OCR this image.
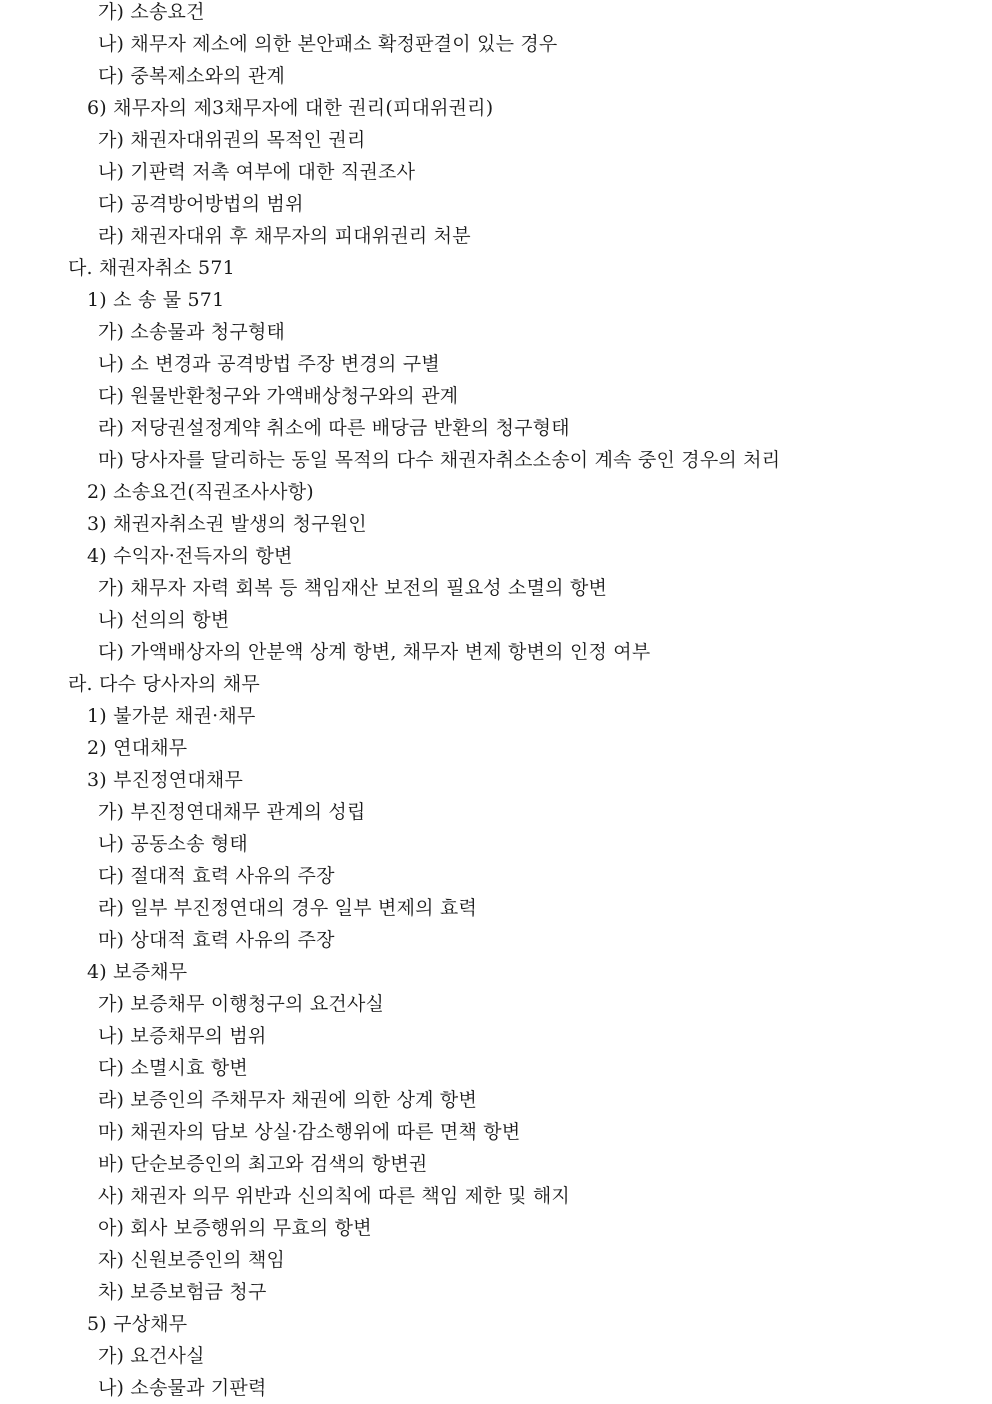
가) 소송요건
나) 채무자 제소에 의한 본안패소 확정판결이 있는 경우
다) 중복제소와의 관계
6) 채무자의 제3채무자에 대한 권리(피대위권리)
가) 채권자대위권의 목적인 권리
나) 기판력 저촉 여부에 대한 직권조사
다) 공격방어방법의 범위
라) 채권자대위 후 채무자의 피대위권리 처분
다. 채권자취소 571
1) 소 송 물 571
가) 소송물과 청구형태
나) 소 변경과 공격방법 주장 변경의 구별
다) 원물반환청구와 가액배상청구와의 관계
라) 저당권설정계약 취소에 따른 배당금 반환의 청구형태
마) 당사자를 달리하는 동일 목적의 다수 채권자취소소송이 계속 중인 경우의 처리
2) 소송요건(직권조사사항)
3) 채권자취소권 발생의 청구원인
4) 수익자·전득자의 항변
가) 채무자 자력 회복 등 책임재산 보전의 필요성 소멸의 항변
나) 선의의 항변
다) 가액배상자의 안분액 상계 항변, 채무자 변제 항변의 인정 여부
라. 다수 당사자의 채무
1) 불가분 채권·채무
2) 연대채무
3) 부진정연대채무
가) 부진정연대채무 관계의 성립
나) 공동소송 형태
다) 절대적 효력 사유의 주장
라) 일부 부진정연대의 경우 일부 변제의 효력
마) 상대적 효력 사유의 주장
4) 보증채무
가) 보증채무 이행청구의 요건사실
나) 보증채무의 범위
다) 소멸시효 항변
라) 보증인의 주채무자 채권에 의한 상계 항변
마) 채권자의 담보 상실·감소행위에 따른 면책 항변
바) 단순보증인의 최고와 검색의 항변권
사) 채권자 의무 위반과 신의칙에 따른 책임 제한 및 해지
아) 회사 보증행위의 무효의 항변
자) 신원보증인의 책임
차) 보증보험금 청구
5) 구상채무
가) 요건사실
나) 소송물과 기판력
